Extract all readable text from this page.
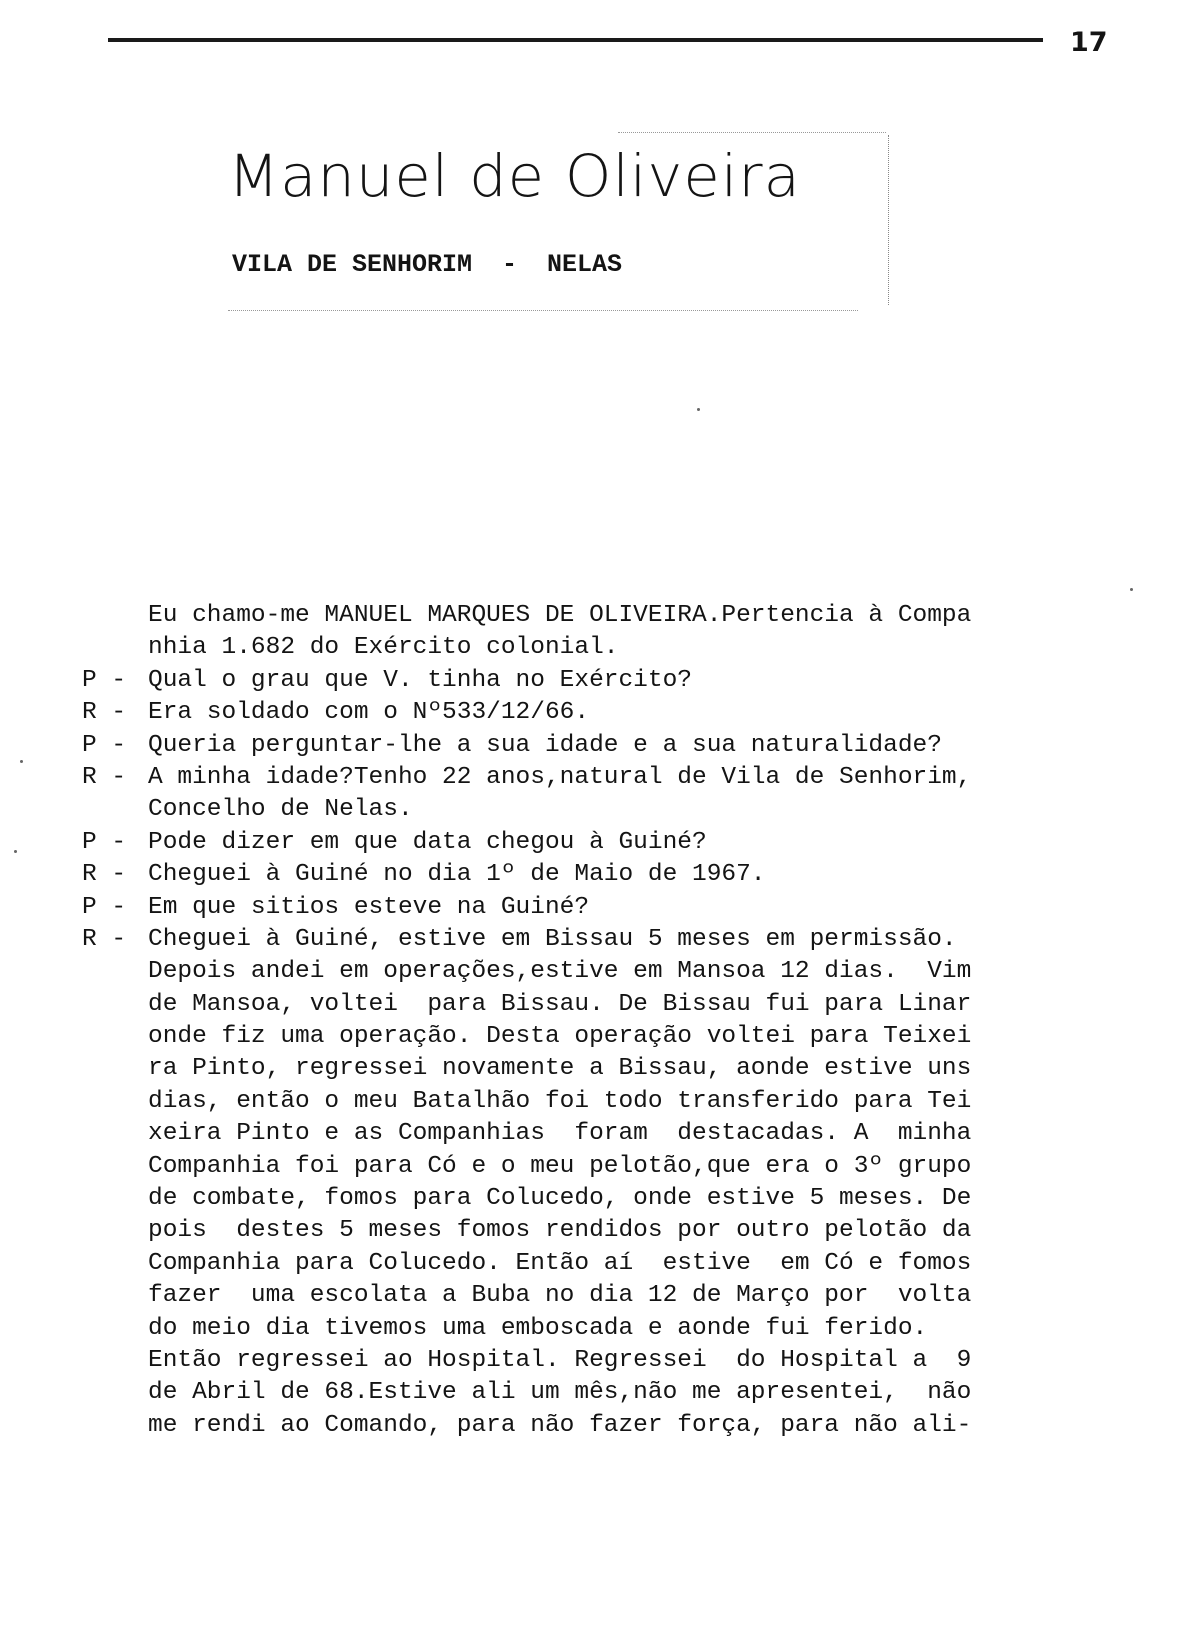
17
Manuel de Oliveira
VILA DE SENHORIM  -  NELAS
Eu chamo-me MANUEL MARQUES DE OLIVEIRA.Pertencia à Compa
nhia 1.682 do Exército colonial.
P - Qual o grau que V. tinha no Exército?
R - Era soldado com o Nº533/12/66.
P - Queria perguntar-lhe a sua idade e a sua naturalidade?
R - A minha idade?Tenho 22 anos,natural de Vila de Senhorim,
Concelho de Nelas.
P - Pode dizer em que data chegou à Guiné?
R - Cheguei à Guiné no dia 1º de Maio de 1967.
P - Em que sitios esteve na Guiné?
R - Cheguei à Guiné, estive em Bissau 5 meses em permissão.
Depois andei em operações,estive em Mansoa 12 dias.  Vim
de Mansoa, voltei  para Bissau. De Bissau fui para Linar
onde fiz uma operação. Desta operação voltei para Teixei
ra Pinto, regressei novamente a Bissau, aonde estive uns
dias, então o meu Batalhão foi todo transferido para Tei
xeira Pinto e as Companhias  foram  destacadas. A  minha
Companhia foi para Có e o meu pelotão,que era o 3º grupo
de combate, fomos para Colucedo, onde estive 5 meses. De
pois  destes 5 meses fomos rendidos por outro pelotão da
Companhia para Colucedo. Então aí  estive  em Có e fomos
fazer  uma escolata a Buba no dia 12 de Março por  volta
do meio dia tivemos uma emboscada e aonde fui ferido.
Então regressei ao Hospital. Regressei  do Hospital a  9
de Abril de 68.Estive ali um mês,não me apresentei,  não
me rendi ao Comando, para não fazer força, para não ali-
